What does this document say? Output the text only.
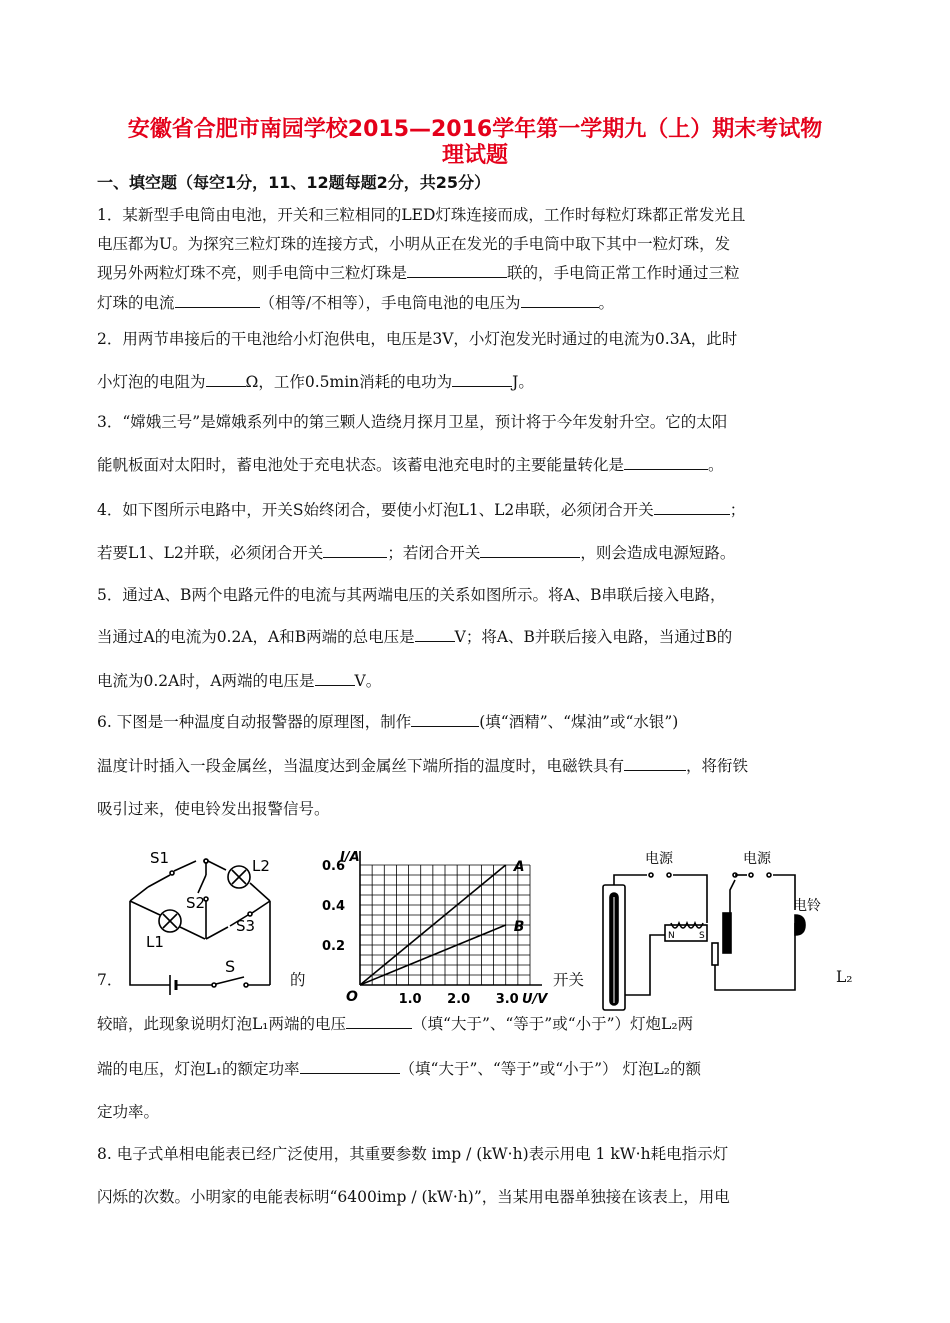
安徽省合肥市南园学校2015—2016学年第一学期九（上）期末考试物
理试题
一、填空题（每空1分，11、12题每题2分，共25分）
1．某新型手电筒由电池，开关和三粒相同的LED灯珠连接而成，工作时每粒灯珠都正常发光且
电压都为U。为探究三粒灯珠的连接方式，小明从正在发光的手电筒中取下其中一粒灯珠，发
现另外两粒灯珠不亮，则手电筒中三粒灯珠是	联的，手电筒正常工作时通过三粒
灯珠的电流	（相等/不相等），手电筒电池的电压为	。
2．用两节串接后的干电池给小灯泡供电，电压是3V，小灯泡发光时通过的电流为0.3A，此时
小灯泡的电阻为	Ω，工作0.5min消耗的电功为	J。
3．“嫦娥三号”是嫦娥系列中的第三颗人造绕月探月卫星，预计将于今年发射升空。它的太阳
能帆板面对太阳时，蓄电池处于充电状态。该蓄电池充电时的主要能量转化是	。
4．如下图所示电路中，开关S始终闭合，要使小灯泡L1、L2串联，必须闭合开关	；
若要L1、L2并联，必须闭合开关	；若闭合开关	，则会造成电源短路。
5．通过A、B两个电路元件的电流与其两端电压的关系如图所示。将A、B串联后接入电路，
当通过A的电流为0.2A，A和B两端的总电压是	V；将A、B并联后接入电路，当通过B的
电流为0.2A时，A两端的电压是	V。
6. 下图是一种温度自动报警器的原理图，制作	(填“酒精”、“煤油”或“水银”)
温度计时插入一段金属丝，当温度达到金属丝下端所指的温度时，电磁铁具有	，将衔铁
吸引过来，使电铃发出报警信号。
S1	L2
S2
S3
L1
S
1.0 2.0 3.0
0.2
0.4
0.6
O	U/V
I/A
A
B
电源	电源
电铃
N	S
7．	的	开关	L₂
较暗，此现象说明灯泡L₁两端的电压	（填“大于”、“等于”或“小于”）灯炮L₂两
端的电压，灯泡L₁的额定功率	（填“大于”、“等于”或“小于”） 灯泡L₂的额
定功率。
8. 电子式单相电能表已经广泛使用，其重要参数 imp / (kW·h)表示用电 1 kW·h耗电指示灯
闪烁的次数。小明家的电能表标明“6400imp / (kW·h)”，当某用电器单独接在该表上，用电
